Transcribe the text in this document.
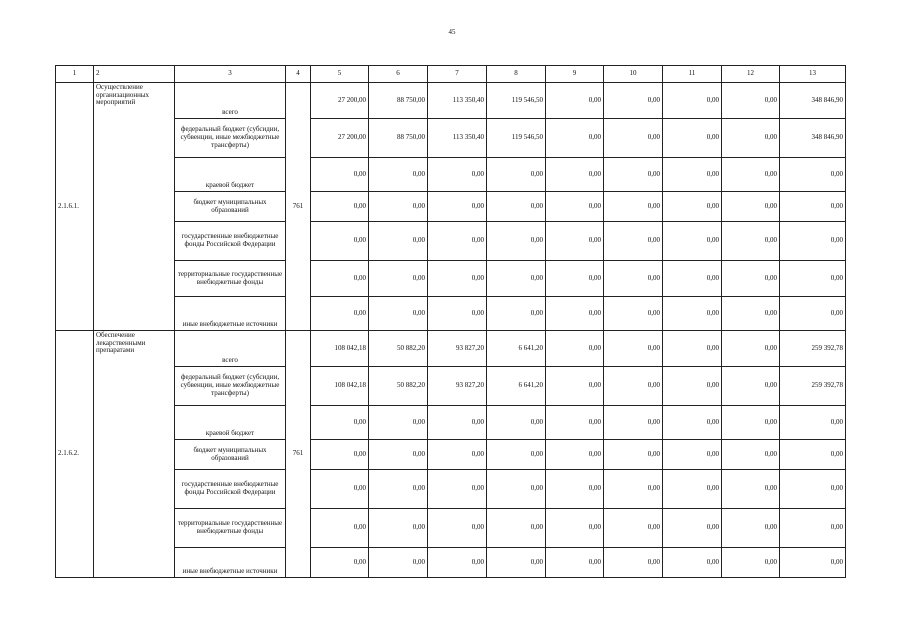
45
1	2	3	4	5	6	7	8	9	10	11	12	13
2.1.6.1.	Осуществление организационных мероприятий	всего	761	27 200,00	88 750,00	113 350,40	119 546,50	0,00	0,00	0,00	0,00	348 846,90
		федеральный бюджет (субсидии, субвенции, иные межбюджетные трансферты)		27 200,00	88 750,00	113 350,40	119 546,50	0,00	0,00	0,00	0,00	348 846,90
		краевой бюджет		0,00	0,00	0,00	0,00	0,00	0,00	0,00	0,00	0,00
		бюджет муниципальных образований		0,00	0,00	0,00	0,00	0,00	0,00	0,00	0,00	0,00
		государственные внебюджетные фонды Российской Федерации		0,00	0,00	0,00	0,00	0,00	0,00	0,00	0,00	0,00
		территориальные государственные внебюджетные фонды		0,00	0,00	0,00	0,00	0,00	0,00	0,00	0,00	0,00
		иные внебюджетные источники		0,00	0,00	0,00	0,00	0,00	0,00	0,00	0,00	0,00
2.1.6.2.	Обеспечение лекарственными препаратами	всего	761	108 042,18	50 882,20	93 827,20	6 641,20	0,00	0,00	0,00	0,00	259 392,78
		федеральный бюджет (субсидии, субвенции, иные межбюджетные трансферты)		108 042,18	50 882,20	93 827,20	6 641,20	0,00	0,00	0,00	0,00	259 392,78
		краевой бюджет		0,00	0,00	0,00	0,00	0,00	0,00	0,00	0,00	0,00
		бюджет муниципальных образований		0,00	0,00	0,00	0,00	0,00	0,00	0,00	0,00	0,00
		государственные внебюджетные фонды Российской Федерации		0,00	0,00	0,00	0,00	0,00	0,00	0,00	0,00	0,00
		территориальные государственные внебюджетные фонды		0,00	0,00	0,00	0,00	0,00	0,00	0,00	0,00	0,00
		иные внебюджетные источники		0,00	0,00	0,00	0,00	0,00	0,00	0,00	0,00	0,00
